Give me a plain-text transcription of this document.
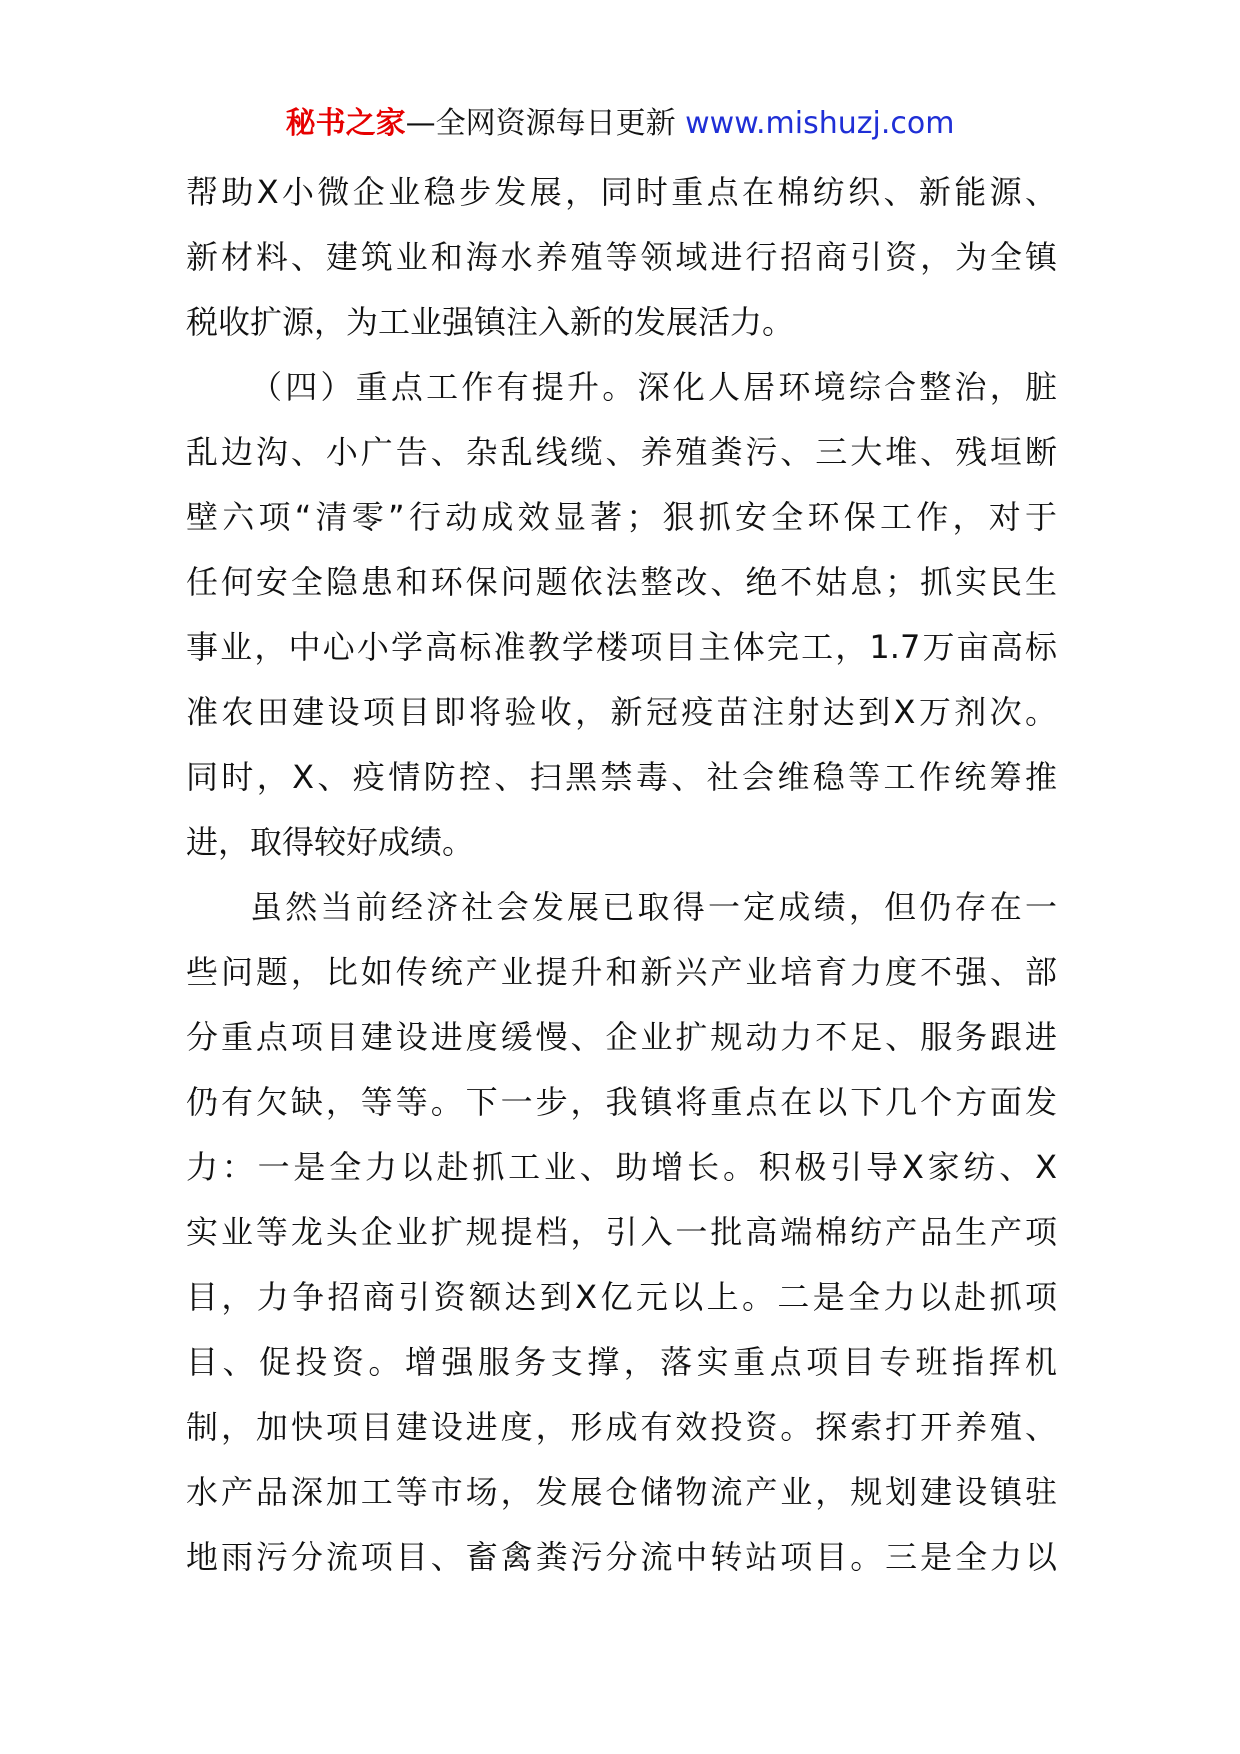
秘书之家—全网资源每日更新 www.mishuzj.com
帮助X小微企业稳步发展，同时重点在棉纺织、新能源、
新材料、建筑业和海水养殖等领域进行招商引资，为全镇
税收扩源，为工业强镇注入新的发展活力。
（四）重点工作有提升。深化人居环境综合整治，脏
乱边沟、小广告、杂乱线缆、养殖粪污、三大堆、残垣断
壁六项“清零”行动成效显著；狠抓安全环保工作，对于
任何安全隐患和环保问题依法整改、绝不姑息；抓实民生
事业，中心小学高标准教学楼项目主体完工，1.7万亩高标
准农田建设项目即将验收，新冠疫苗注射达到X万剂次。
同时，X、疫情防控、扫黑禁毒、社会维稳等工作统筹推
进，取得较好成绩。
虽然当前经济社会发展已取得一定成绩，但仍存在一
些问题，比如传统产业提升和新兴产业培育力度不强、部
分重点项目建设进度缓慢、企业扩规动力不足、服务跟进
仍有欠缺，等等。下一步，我镇将重点在以下几个方面发
力：一是全力以赴抓工业、助增长。积极引导X家纺、X
实业等龙头企业扩规提档，引入一批高端棉纺产品生产项
目，力争招商引资额达到X亿元以上。二是全力以赴抓项
目、促投资。增强服务支撑，落实重点项目专班指挥机
制，加快项目建设进度，形成有效投资。探索打开养殖、
水产品深加工等市场，发展仓储物流产业，规划建设镇驻
地雨污分流项目、畜禽粪污分流中转站项目。三是全力以
